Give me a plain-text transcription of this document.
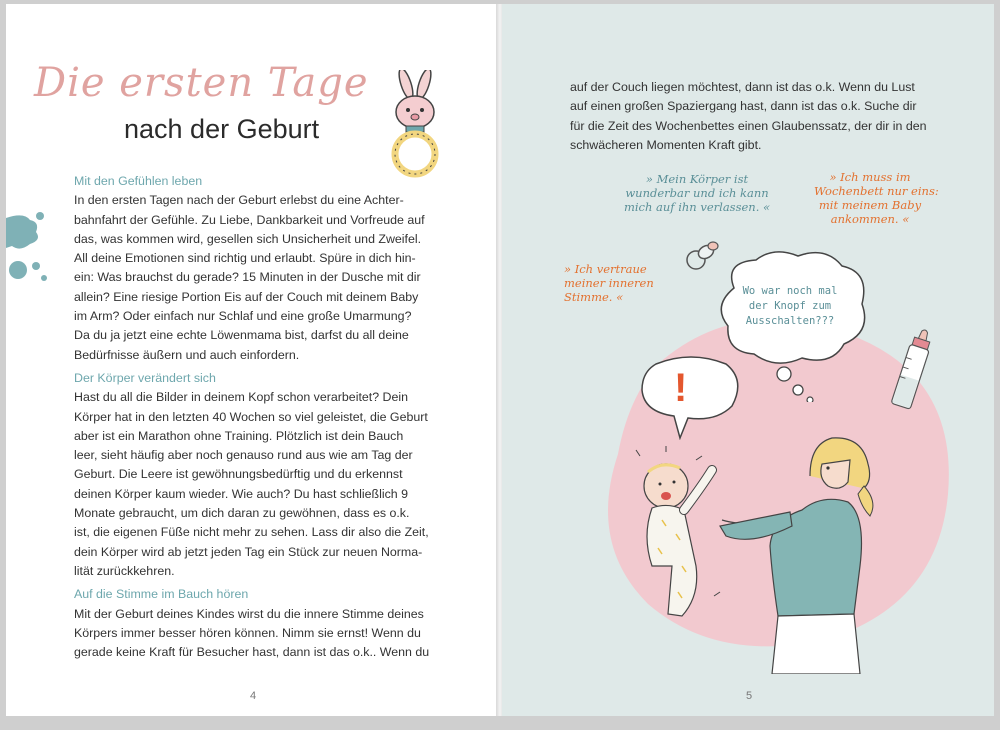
Die ersten Tage
nach der Geburt
Mit den Gefühlen leben
In den ersten Tagen nach der Geburt erlebst du eine Achter-
bahnfahrt der Gefühle. Zu Liebe, Dankbarkeit und Vorfreude auf
das, was kommen wird, gesellen sich Unsicherheit und Zweifel.
All deine Emotionen sind richtig und erlaubt. Spüre in dich hin-
ein: Was brauchst du gerade? 15 Minuten in der Dusche mit dir
allein? Eine riesige Portion Eis auf der Couch mit deinem Baby
im Arm? Oder einfach nur Schlaf und eine große Umarmung?
Da du ja jetzt eine echte Löwenmama bist, darfst du all deine
Bedürfnisse äußern und auch einfordern.
Der Körper verändert sich
Hast du all die Bilder in deinem Kopf schon verarbeitet? Dein
Körper hat in den letzten 40 Wochen so viel geleistet, die Geburt
aber ist ein Marathon ohne Training. Plötzlich ist dein Bauch
leer, sieht häufig aber noch genauso rund aus wie am Tag der
Geburt. Die Leere ist gewöhnungsbedürftig und du erkennst
deinen Körper kaum wieder. Wie auch? Du hast schließlich 9
Monate gebraucht, um dich daran zu gewöhnen, dass es o.k.
ist, die eigenen Füße nicht mehr zu sehen. Lass dir also die Zeit,
dein Körper wird ab jetzt jeden Tag ein Stück zur neuen Norma-
lität zurückkehren.
Auf die Stimme im Bauch hören
Mit der Geburt deines Kindes wirst du die innere Stimme deines
Körpers immer besser hören können. Nimm sie ernst! Wenn du
gerade keine Kraft für Besucher hast, dann ist das o.k.. Wenn du
4
auf der Couch liegen möchtest, dann ist das o.k. Wenn du Lust
auf einen großen Spaziergang hast, dann ist das o.k. Suche dir
für die Zeit des Wochenbettes einen Glaubenssatz, der dir in den
schwächeren Momenten Kraft gibt.
» Mein Körper ist
wunderbar und ich kann
mich auf ihn verlassen. «
» Ich muss im
Wochenbett nur eins:
mit meinem Baby
ankommen. «
» Ich vertraue
meiner inneren
Stimme. «	Wo war noch mal
der Knopf zum
Ausschalten???
!
5
